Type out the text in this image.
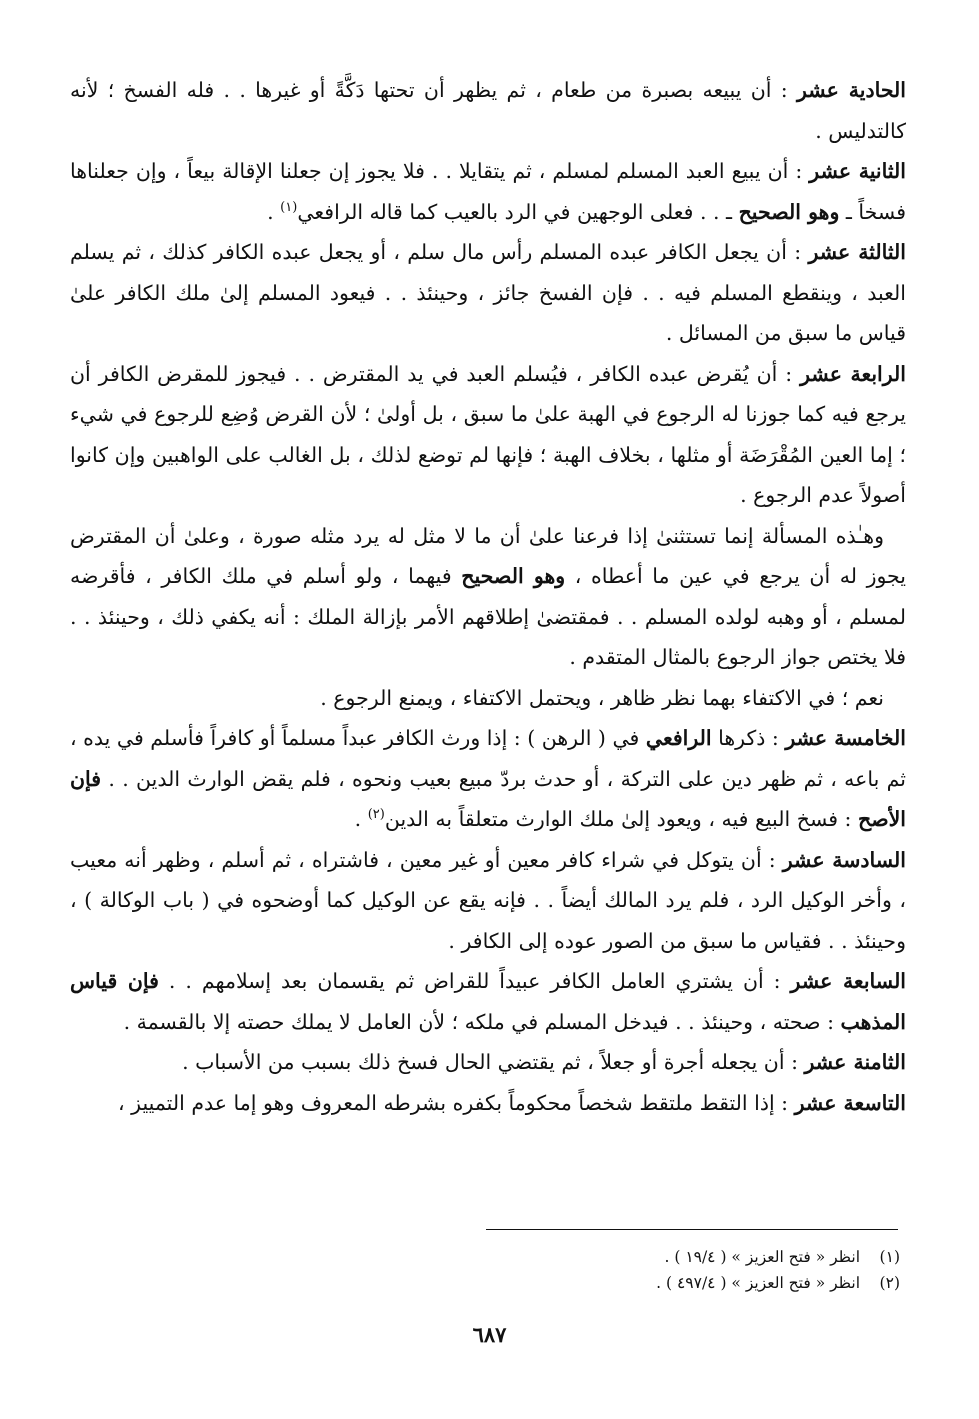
الحادية عشر : أن يبيعه بصبرة من طعام ، ثم يظهر أن تحتها دَكَّةً أو غيرها . . فله الفسخ ؛ لأنه كالتدليس .

الثانية عشر : أن يبيع العبد المسلم لمسلم ، ثم يتقايلا . . فلا يجوز إن جعلنا الإقالة بيعاً ، وإن جعلناها فسخاً ـ وهو الصحيح ـ . . فعلى الوجهين في الرد بالعيب كما قاله الرافعي$^{(١)}$ .

الثالثة عشر : أن يجعل الكافر عبده المسلم رأس مال سلم ، أو يجعل عبده الكافر كذلك ، ثم يسلم العبد ، وينقطع المسلم فيه . . فإن الفسخ جائز ، وحينئذ . . فيعود المسلم إلىٰ ملك الكافر علىٰ قياس ما سبق من المسائل .

الرابعة عشر : أن يُقرض عبده الكافر ، فيُسلم العبد في يد المقترض . . فيجوز للمقرض الكافر أن يرجع فيه كما جوزنا له الرجوع في الهبة علىٰ ما سبق ، بل أولىٰ ؛ لأن القرض وُضِع للرجوع في شيء ؛ إما العين المُقْرَضَة أو مثلها ، بخلاف الهبة ؛ فإنها لم توضع لذلك ، بل الغالب على الواهبين وإن كانوا أصولاً عدم الرجوع .

وهـٰذه المسألة إنما تستثنىٰ إذا فرعنا علىٰ أن ما لا مثل له يرد مثله صورة ، وعلىٰ أن المقترض يجوز له أن يرجع في عين ما أعطاه ، وهو الصحيح فيهما ، ولو أسلم في ملك الكافر ، فأقرضه لمسلم ، أو وهبه لولده المسلم . . فمقتضىٰ إطلاقهم الأمر بإزالة الملك : أنه يكفي ذلك ، وحينئذ . . فلا يختص جواز الرجوع بالمثال المتقدم .

نعم ؛ في الاكتفاء بهما نظر ظاهر ، ويحتمل الاكتفاء ، ويمنع الرجوع .

الخامسة عشر : ذكرها الرافعي في ( الرهن ) : إذا ورث الكافر عبداً مسلماً أو كافراً فأسلم في يده ، ثم باعه ، ثم ظهر دين على التركة ، أو حدث بردّ مبيع بعيب ونحوه ، فلم يقض الوارث الدين . . فإن الأصح : فسخ البيع فيه ، ويعود إلىٰ ملك الوارث متعلقاً به الدين$^{(٢)}$ .

السادسة عشر : أن يتوكل في شراء كافر معين أو غير معين ، فاشتراه ، ثم أسلم ، وظهر أنه معيب ، وأخر الوكيل الرد ، فلم يرد المالك أيضاً . . فإنه يقع عن الوكيل كما أوضحوه في ( باب الوكالة ) ، وحينئذ . . فقياس ما سبق من الصور عوده إلى الكافر .

السابعة عشر : أن يشتري العامل الكافر عبيداً للقراض ثم يقسمان بعد إسلامهم . . فإن قياس المذهب : صحته ، وحينئذ . . فيدخل المسلم في ملكه ؛ لأن العامل لا يملك حصته إلا بالقسمة .

الثامنة عشر : أن يجعله أجرة أو جعلاً ، ثم يقتضي الحال فسخ ذلك بسبب من الأسباب .

التاسعة عشر : إذا التقط ملتقط شخصاً محكوماً بكفره بشرطه المعروف وهو إما عدم التمييز ،

(١)انظر « فتح العزيز » ( ١٩/٤ ) .

(٢)انظر « فتح العزيز » ( ٤٩٧/٤ ) .

٦٨٧
